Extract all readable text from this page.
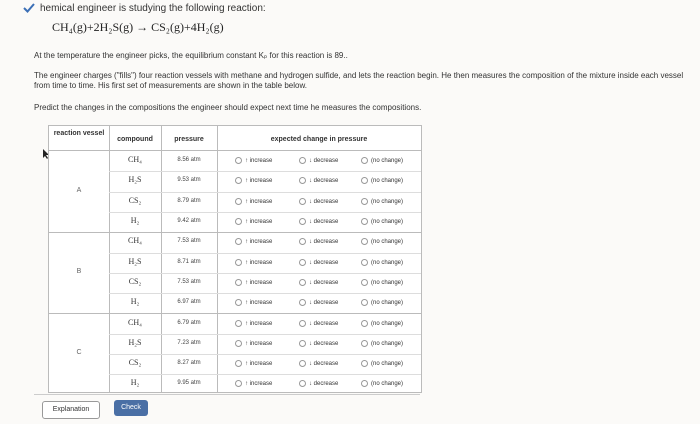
hemical engineer is studying the following reaction:
CH₄(g)+2H₂S(g) → CS₂(g)+4H₂(g)
At the temperature the engineer picks, the equilibrium constant Kₚ for this reaction is 89..
The engineer charges ("fills") four reaction vessels with methane and hydrogen sulfide, and lets the reaction begin. He then measures the composition of the mixture inside each vessel from time to time. His first set of measurements are shown in the table below.
Predict the changes in the compositions the engineer should expect next time he measures the compositions.
reaction vessel
compound	pressure	expected change in pressure
A
CH₄	8.56 atm	↑ increase	↓ decrease	(no change)
H₂S	9.53 atm	↑ increase	↓ decrease	(no change)
CS₂	8.79 atm	↑ increase	↓ decrease	(no change)
H₂	9.42 atm	↑ increase	↓ decrease	(no change)
B
CH₄	7.53 atm	↑ increase	↓ decrease	(no change)
H₂S	8.71 atm	↑ increase	↓ decrease	(no change)
CS₂	7.53 atm	↑ increase	↓ decrease	(no change)
H₂	6.97 atm	↑ increase	↓ decrease	(no change)
C
CH₄	6.79 atm	↑ increase	↓ decrease	(no change)
H₂S	7.23 atm	↑ increase	↓ decrease	(no change)
CS₂	8.27 atm	↑ increase	↓ decrease	(no change)
H₂	9.95 atm	↑ increase	↓ decrease	(no change)
Explanation	Check
